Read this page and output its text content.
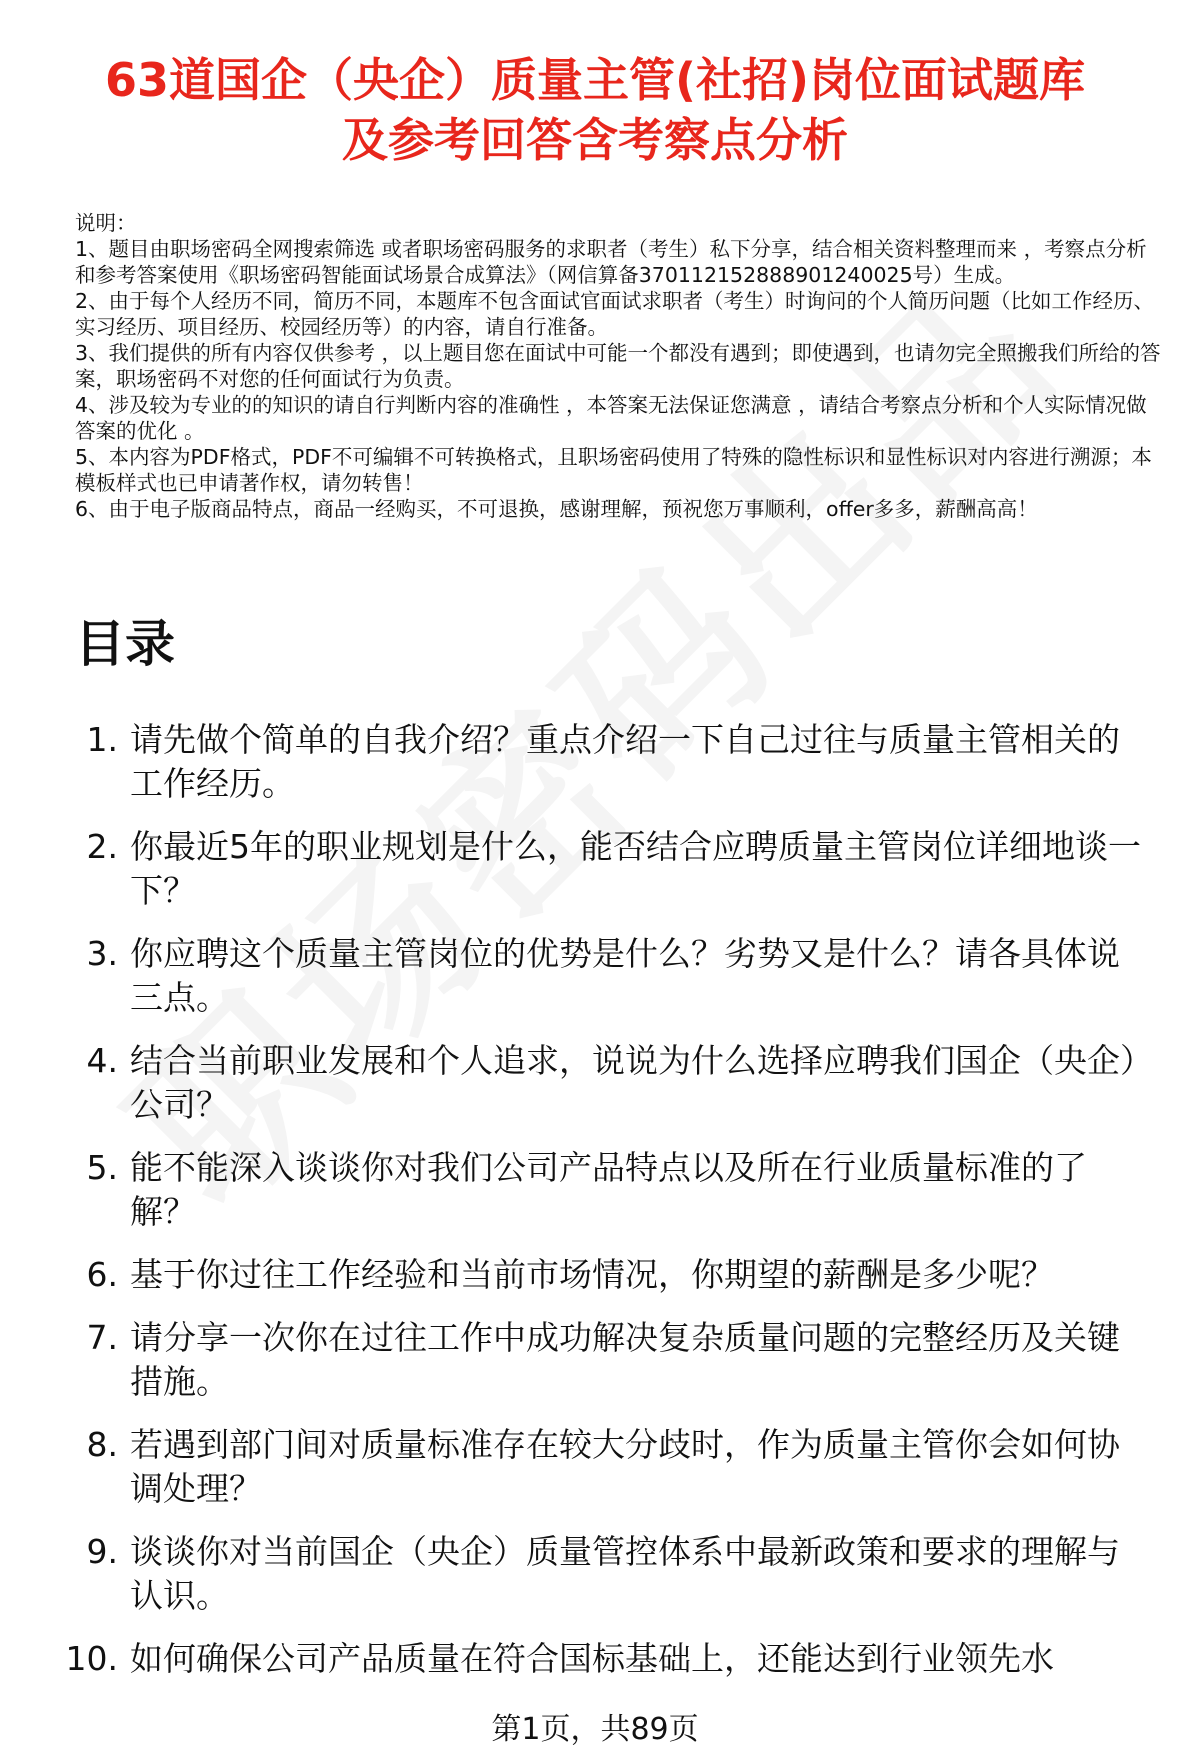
63道国企（央企）质量主管(社招)岗位面试题库
及参考回答含考察点分析

说明：

1、题目由职场密码全网搜索筛选 或者职场密码服务的求职者（考生）私下分享，结合相关资料整理而来 ，考察点分析和参考答案使用《职场密码智能面试场景合成算法》（网信算备370112152888901240025号）生成。

2、由于每个人经历不同，简历不同，本题库不包含面试官面试求职者（考生）时询问的个人简历问题（比如工作经历、实习经历、项目经历、校园经历等）的内容，请自行准备。

3、我们提供的所有内容仅供参考 ，以上题目您在面试中可能一个都没有遇到；即使遇到，也请勿完全照搬我们所给的答案，职场密码不对您的任何面试行为负责。

4、涉及较为专业的的知识的请自行判断内容的准确性 ，本答案无法保证您满意 ，请结合考察点分析和个人实际情况做答案的优化 。

5、本内容为PDF格式，PDF不可编辑不可转换格式，且职场密码使用了特殊的隐性标识和显性标识对内容进行溯源；本模板样式也已申请著作权，请勿转售！

6、由于电子版商品特点，商品一经购买，不可退换，感谢理解，预祝您万事顺利，offer多多，薪酬高高！

目录
1. 请先做个简单的自我介绍？重点介绍一下自己过往与质量主管相关的工作经历。
2. 你最近5年的职业规划是什么，能否结合应聘质量主管岗位详细地谈一下？
3. 你应聘这个质量主管岗位的优势是什么？劣势又是什么？请各具体说三点。
4. 结合当前职业发展和个人追求，说说为什么选择应聘我们国企（央企）公司？
5. 能不能深入谈谈你对我们公司产品特点以及所在行业质量标准的了解？
6. 基于你过往工作经验和当前市场情况，你期望的薪酬是多少呢？
7. 请分享一次你在过往工作中成功解决复杂质量问题的完整经历及关键措施。
8. 若遇到部门间对质量标准存在较大分歧时，作为质量主管你会如何协调处理？
9. 谈谈你对当前国企（央企）质量管控体系中最新政策和要求的理解与认识。
10. 如何确保公司产品质量在符合国标基础上，还能达到行业领先水
第1页，共89页
